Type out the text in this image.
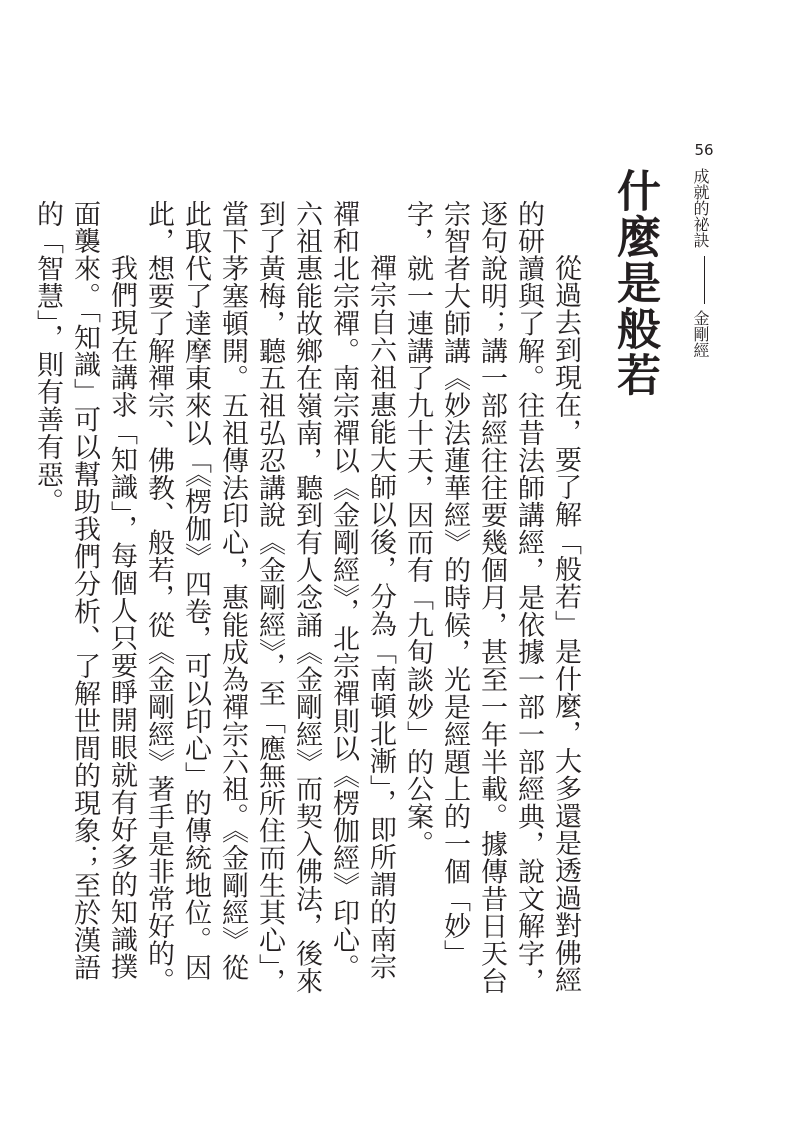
56
成就的祕訣金剛經
什麼是般若

從過去到現在，要了解「般若」是什麼，大多還是透過對佛經的研讀與了解。往昔法師講經，是依據一部一部經典，說文解字，逐句說明；講一部經往往要幾個月，甚至一年半載。據傳昔日天台宗智者大師講《妙法蓮華經》的時候，光是經題上的一個「妙」字，就一連講了九十天，因而有「九旬談妙」的公案。

禪宗自六祖惠能大師以後，分為「南頓北漸」，即所謂的南宗禪和北宗禪。南宗禪以《金剛經》，北宗禪則以《楞伽經》印心。六祖惠能故鄉在嶺南，聽到有人念誦《金剛經》而契入佛法，後來到了黃梅，聽五祖弘忍講說《金剛經》，至「應無所住而生其心」，當下茅塞頓開。五祖傳法印心，惠能成為禪宗六祖。《金剛經》從此取代了達摩東來以「《楞伽》四卷，可以印心」的傳統地位。因此，想要了解禪宗、佛教、般若，從《金剛經》著手是非常好的。

我們現在講求「知識」，每個人只要睜開眼就有好多的知識撲面襲來。「知識」可以幫助我們分析、了解世間的現象；至於漢語的「智慧」，則有善有惡。
